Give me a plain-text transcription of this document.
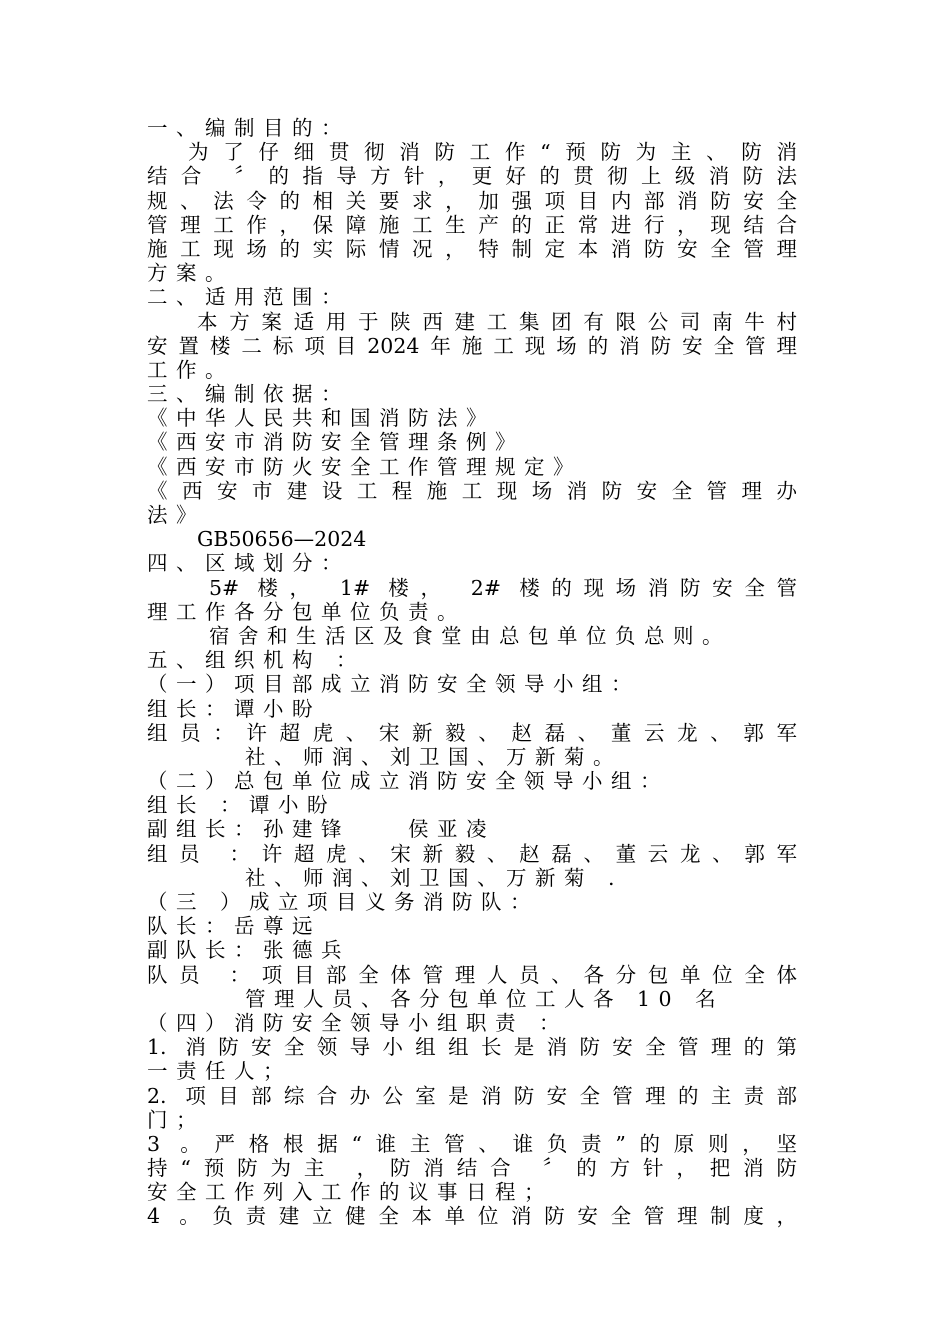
一、编制目的：
为了仔细贯彻消防工作“预防为主、防消
结合 〞的指导方针，更好的贯彻上级消防法
规、法令的相关要求，加强项目内部消防安全
管理工作，保障施工生产的正常进行，现结合
施工现场的实际情况，特制定本消防安全管理
方案。
二、适用范围：
本方案适用于陕西建工集团有限公司南牛村
安置楼二标项目2024年施工现场的消防安全管理
工作。
三、编制依据：
《中华人民共和国消防法》
《西安市消防安全管理条例》
《西安市防火安全工作管理规定》
《西安市建设工程施工现场消防安全管理办
法》
GB50656—2024
四、区域划分：
5# 楼， 1# 楼， 2# 楼的现场消防安全管
理工作各分包单位负责。
宿舍和生活区及食堂由总包单位负总则。
五、组织机构 ：
（一）项目部成立消防安全领导小组：
组长：谭小盼
组员：许超虎、宋新毅、赵磊、董云龙、郭军
社、师润、刘卫国、万新菊。
（二）总包单位成立消防安全领导小组：
组长 ：谭小盼
副组长：孙建锋　　侯亚凌
组员 ：许超虎、宋新毅、赵磊、董云龙、郭军
社、师润、刘卫国、万新菊 .
（三 ）成立项目义务消防队：
队长：岳尊远
副队长：张德兵
队员 ：项目部全体管理人员、各分包单位全体
管理人员、各分包单位工人各 10 名
（四）消防安全领导小组职责 ：
1. 消防安全领导小组组长是消防安全管理的第
一责任人；
2. 项目部综合办公室是消防安全管理的主责部
门；
3 。严格根据“谁主管、谁负责”的原则，坚
持“预防为主 ，防消结合 〞的方针，把消防
安全工作列入工作的议事日程；
4 。负责建立健全本单位消防安全管理制度，
